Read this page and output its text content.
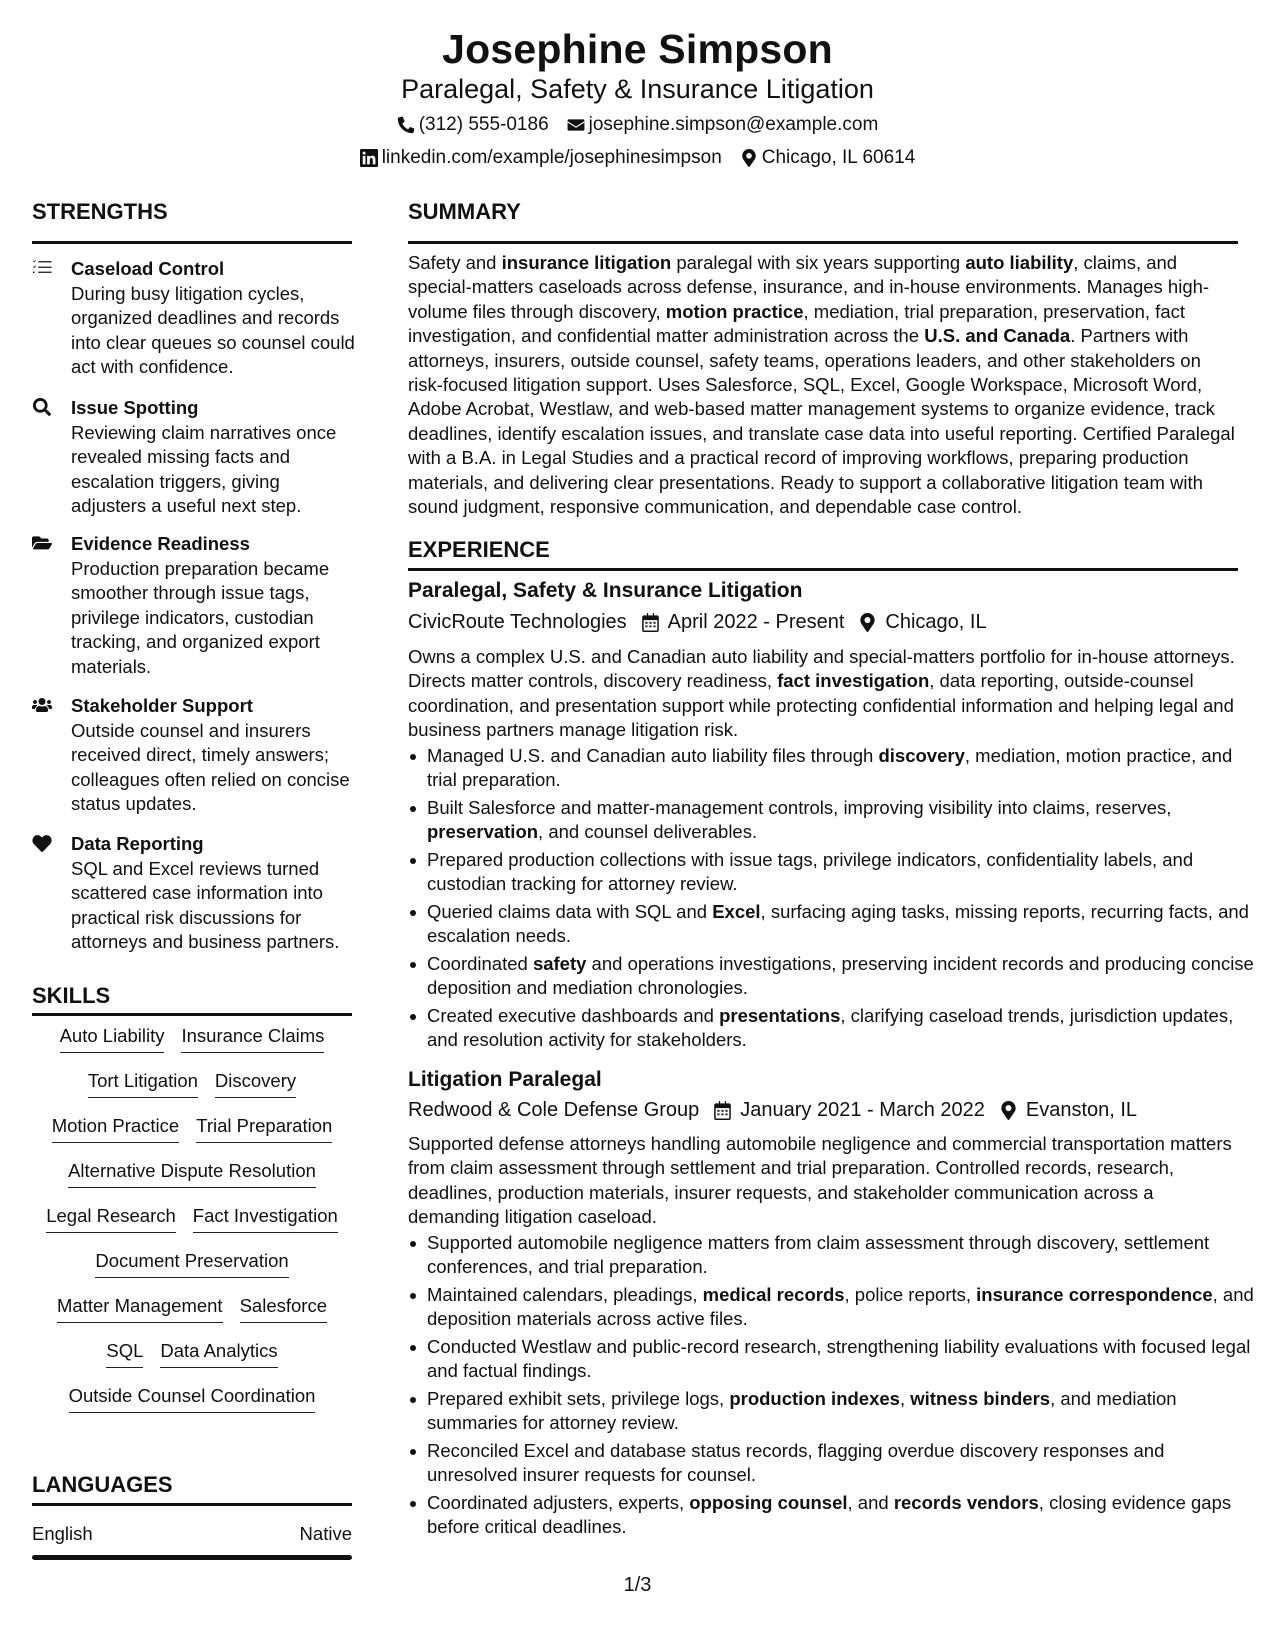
Josephine Simpson
Paralegal, Safety & Insurance Litigation
(312) 555-0186 josephine.simpson@example.com
linkedin.com/example/josephinesimpson Chicago, IL 60614
STRENGTHS
Caseload Control
During busy litigation cycles, organized deadlines and records into clear queues so counsel could act with confidence.
Issue Spotting
Reviewing claim narratives once revealed missing facts and escalation triggers, giving adjusters a useful next step.
Evidence Readiness
Production preparation became smoother through issue tags, privilege indicators, custodian tracking, and organized export materials.
Stakeholder Support
Outside counsel and insurers received direct, timely answers; colleagues often relied on concise status updates.
Data Reporting
SQL and Excel reviews turned scattered case information into practical risk discussions for attorneys and business partners.
SKILLS
Auto Liability Insurance Claims
Tort Litigation Discovery
Motion Practice Trial Preparation
Alternative Dispute Resolution
Legal Research Fact Investigation
Document Preservation
Matter Management Salesforce
SQL Data Analytics
Outside Counsel Coordination
LANGUAGES
English	Native
SUMMARY
Safety and insurance litigation paralegal with six years supporting auto liability, claims, and special-matters caseloads across defense, insurance, and in-house environments. Manages high-volume files through discovery, motion practice, mediation, trial preparation, preservation, fact investigation, and confidential matter administration across the U.S. and Canada. Partners with attorneys, insurers, outside counsel, safety teams, operations leaders, and other stakeholders on risk-focused litigation support. Uses Salesforce, SQL, Excel, Google Workspace, Microsoft Word, Adobe Acrobat, Westlaw, and web-based matter management systems to organize evidence, track deadlines, identify escalation issues, and translate case data into useful reporting. Certified Paralegal with a B.A. in Legal Studies and a practical record of improving workflows, preparing production materials, and delivering clear presentations. Ready to support a collaborative litigation team with sound judgment, responsive communication, and dependable case control.
EXPERIENCE
Paralegal, Safety & Insurance Litigation
CivicRoute Technologies April 2022 - Present Chicago, IL
Owns a complex U.S. and Canadian auto liability and special-matters portfolio for in-house attorneys. Directs matter controls, discovery readiness, fact investigation, data reporting, outside-counsel coordination, and presentation support while protecting confidential information and helping legal and business partners manage litigation risk.
Managed U.S. and Canadian auto liability files through discovery, mediation, motion practice, and trial preparation.
Built Salesforce and matter-management controls, improving visibility into claims, reserves, preservation, and counsel deliverables.
Prepared production collections with issue tags, privilege indicators, confidentiality labels, and custodian tracking for attorney review.
Queried claims data with SQL and Excel, surfacing aging tasks, missing reports, recurring facts, and escalation needs.
Coordinated safety and operations investigations, preserving incident records and producing concise deposition and mediation chronologies.
Created executive dashboards and presentations, clarifying caseload trends, jurisdiction updates, and resolution activity for stakeholders.
Litigation Paralegal
Redwood & Cole Defense Group January 2021 - March 2022 Evanston, IL
Supported defense attorneys handling automobile negligence and commercial transportation matters from claim assessment through settlement and trial preparation. Controlled records, research, deadlines, production materials, insurer requests, and stakeholder communication across a demanding litigation caseload.
Supported automobile negligence matters from claim assessment through discovery, settlement conferences, and trial preparation.
Maintained calendars, pleadings, medical records, police reports, insurance correspondence, and deposition materials across active files.
Conducted Westlaw and public-record research, strengthening liability evaluations with focused legal and factual findings.
Prepared exhibit sets, privilege logs, production indexes, witness binders, and mediation summaries for attorney review.
Reconciled Excel and database status records, flagging overdue discovery responses and unresolved insurer requests for counsel.
Coordinated adjusters, experts, opposing counsel, and records vendors, closing evidence gaps before critical deadlines.
1/3
